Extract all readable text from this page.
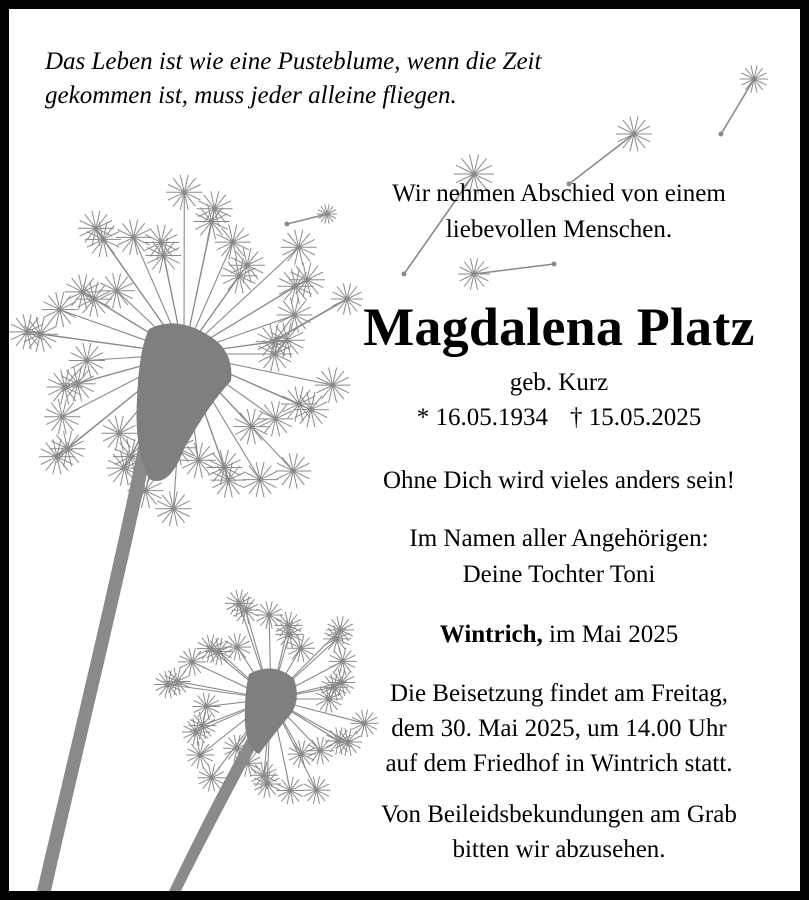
Das Leben ist wie eine Pusteblume, wenn die Zeit
gekommen ist, muss jeder alleine fliegen.

Wir nehmen Abschied von einem
liebevollen Menschen.
Magdalena Platz
geb. Kurz
* 16.05.1934 † 15.05.2025
Ohne Dich wird vieles anders sein!
Im Namen aller Angehörigen:
Deine Tochter Toni
Wintrich, im Mai 2025
Die Beisetzung findet am Freitag,
dem 30. Mai 2025, um 14.00 Uhr
auf dem Friedhof in Wintrich statt.
Von Beileidsbekundungen am Grab
bitten wir abzusehen.
